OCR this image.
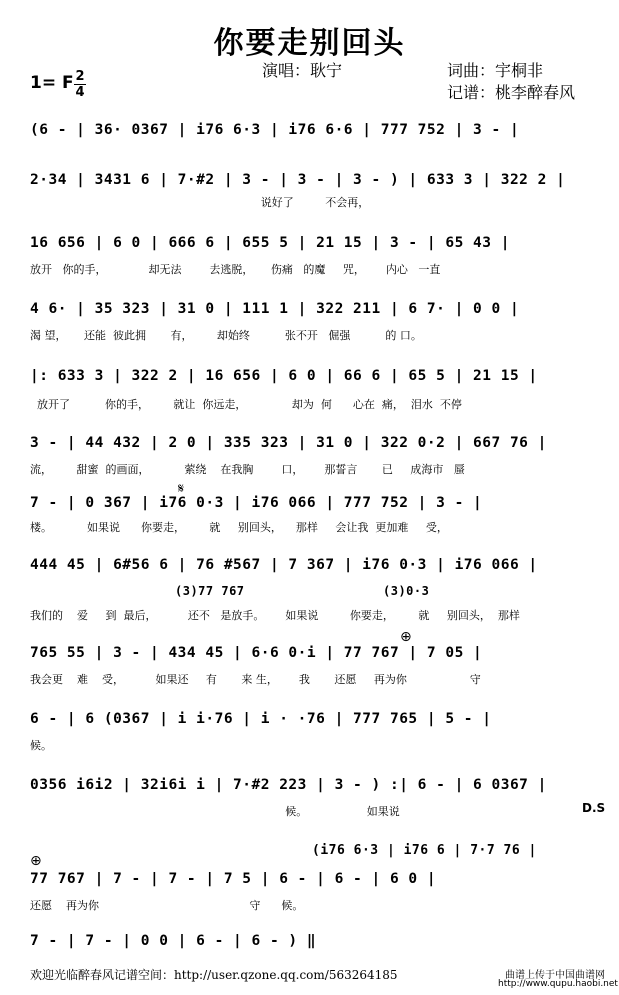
你要走别回头
演唱：耿宁	词曲：宇桐非
记谱：桃李醉春风
1= F 2
4
(6 - | 36· 0367 | i76 6·3 | i76 6·6 | 777 752 | 3 - |
2·34 | 3431 6 | 7·#2 | 3 - | 3 - | 3 - ) | 633 3 | 322 2 |
说好了         不会再，
16 656 | 6 0 | 666 6 | 655 5 | 21 15 | 3 - | 65 43 |
放开   你的手，            却无法        去逃脱，     伤痛   的魔     咒，      内心   一直
4 6· | 35 323 | 31 0 | 111 1 | 322 211 | 6 7· | 0 0 |
渴 望，     还能  彼此拥       有，       却始终          张不开   倔强          的 口。
|: 633 3 | 322 2 | 16 656 | 6 0 | 66 6 | 65 5 | 21 15 |
放开了          你的手，       就让  你远走，             却为  何      心在  痛，  泪水  不停
3 - | 44 432 | 2 0 | 335 323 | 31 0 | 322 0·2 | 667 76 |
流，       甜蜜  的画面，          萦绕    在我胸        口，      那誓言       已     成海市   蜃
7 - | 0 367 | i76 0·3 | i76 066 | 777 752 | 3 - |
楼。          如果说      你要走，       就     别回头，    那样     会让我  更加难     受，
𝄋
444 45 | 6#56 6 | 76 #567 | 7 367 | i76 0·3 | i76 066 |
我们的    爱     到  最后，         还不   是放手。      如果说         你要走，       就     别回头，  那样
765 55 | 3 - | 434 45 | 6·6 0·i | 77 767 | 7 05 |
我会更    难    受，         如果还     有       来 生，      我       还愿     再为你                  守
⊕
6 - | 6 (0367 | i i·76 | i · ·76 | 777 765 | 5 - |
候。
0356 i6i2 | 32i6i i | 7·#2 223 | 3 - ) :| 6 - | 6 0367 |
候。                 如果说	D.S
77 767 | 7 - | 7 - | 7 5 | 6 - | 6 - | 6 0 |
还愿    再为你                                           守      候。
⊕
7 - | 7 - | 0 0 | 6 - | 6 - ) ‖
(3)77 767	(3)0·3
(i76 6·3 | i76 6 | 7·7 76 |
欢迎光临醉春风记谱空间：http://user.qzone.qq.com/563264185	曲谱上传于中国曲谱网
http://www.qupu.haobi.net
